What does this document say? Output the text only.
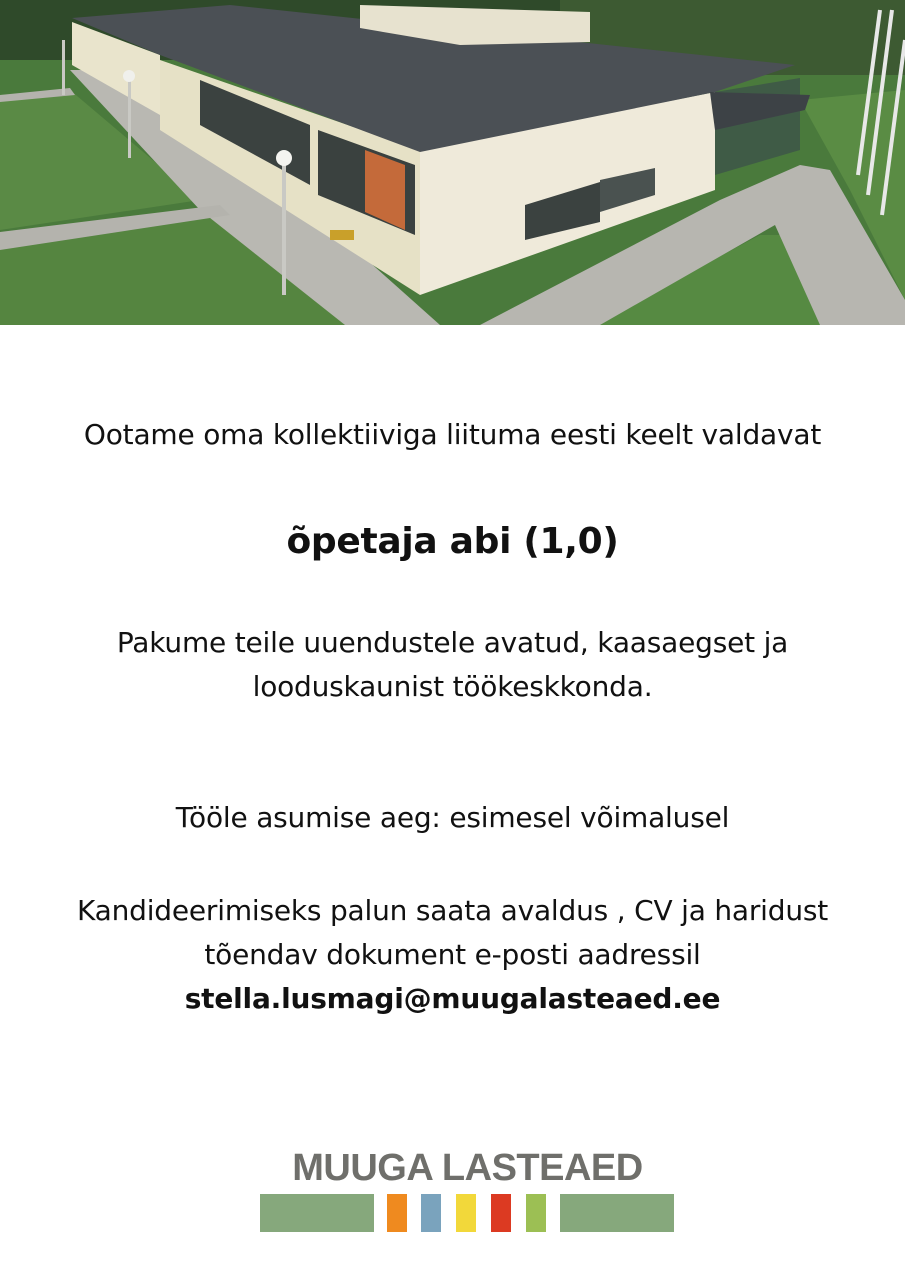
Ootame oma kollektiiviga liituma eesti keelt valdavat
õpetaja abi (1,0)
Pakume teile uuendustele avatud, kaasaegset ja looduskaunist töökeskkonda.
Tööle asumise aeg: esimesel võimalusel
Kandideerimiseks palun saata avaldus , CV ja haridust tõendav dokument e-posti aadressil
stella.lusmagi@muugalasteaed.ee
MUUGA LASTEAED
